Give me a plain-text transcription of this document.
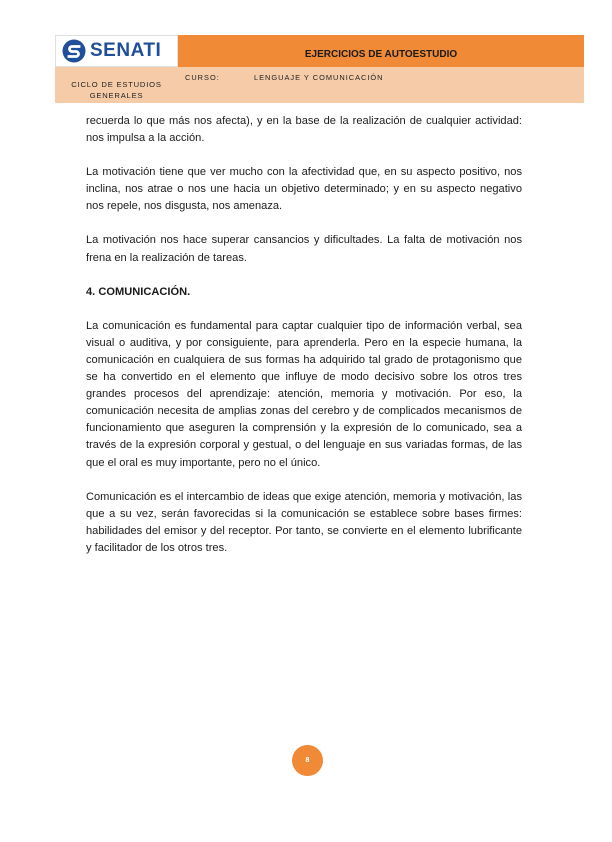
SENATI
CICLO DE ESTUDIOS GENERALES
EJERCICIOS DE AUTOESTUDIO
CURSO:	LENGUAJE Y COMUNICACIÓN

recuerda lo que más nos afecta), y en la base de la realización de cualquier actividad: nos impulsa a la acción.

La motivación tiene que ver mucho con la afectividad que, en su aspecto positivo, nos inclina, nos atrae o nos une hacia un objetivo determinado; y en su aspecto negativo nos repele, nos disgusta, nos amenaza.

La motivación nos hace superar cansancios y dificultades. La falta de motivación nos frena en la realización de tareas.

4. COMUNICACIÓN.

La comunicación es fundamental para captar cualquier tipo de información verbal, sea visual o auditiva, y por consiguiente, para aprenderla. Pero en la especie humana, la comunicación en cualquiera de sus formas ha adquirido tal grado de protagonismo que se ha convertido en el elemento que influye de modo decisivo sobre los otros tres grandes procesos del aprendizaje: atención, memoria y motivación. Por eso, la comunicación necesita de amplias zonas del cerebro y de complicados mecanismos de funcionamiento que aseguren la comprensión y la expresión de lo comunicado, sea a través de la expresión corporal y gestual, o del lenguaje en sus variadas formas, de las que el oral es muy importante, pero no el único.

Comunicación es el intercambio de ideas que exige atención, memoria y motivación, las que a su vez, serán favorecidas si la comunicación se establece sobre bases firmes: habilidades del emisor y del receptor. Por tanto, se convierte en el elemento lubrificante y facilitador de los otros tres.

8
